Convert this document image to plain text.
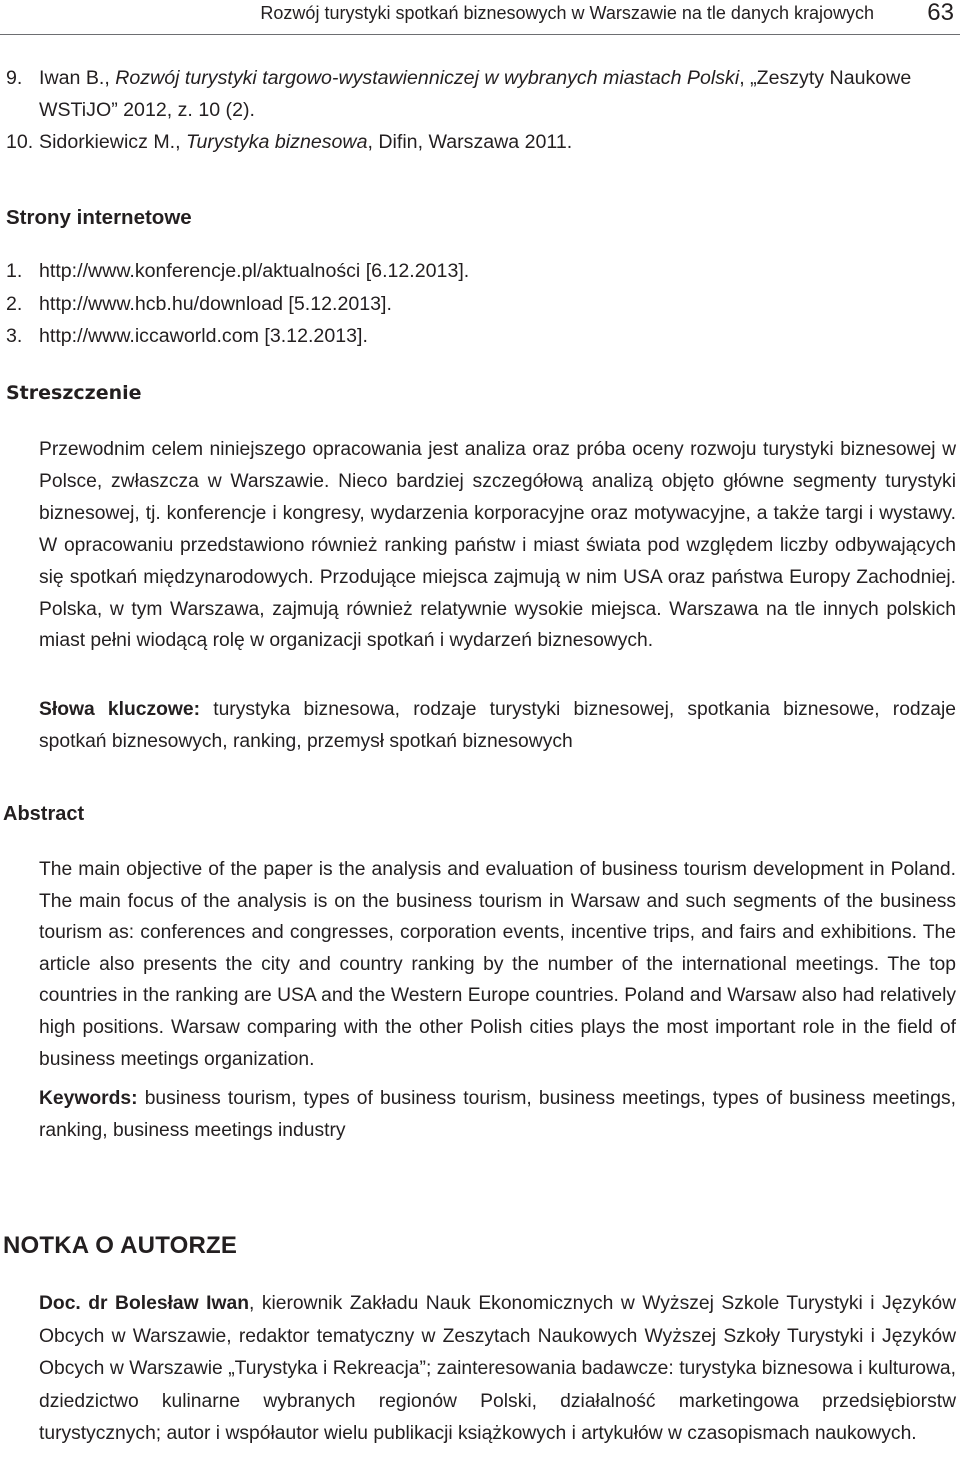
Rozwój turystyki spotkań biznesowych w Warszawie na tle danych krajowych 63
9. Iwan B., Rozwój turystyki targowo-wystawienniczej w wybranych miastach Polski, „Zeszyty Naukowe WSTiJO” 2012, z. 10 (2).
10. Sidorkiewicz M., Turystyka biznesowa, Difin, Warszawa 2011.
Strony internetowe
1. http://www.konferencje.pl/aktualności [6.12.2013].
2. http://www.hcb.hu/download [5.12.2013].
3. http://www.iccaworld.com [3.12.2013].
Streszczenie
Przewodnim celem niniejszego opracowania jest analiza oraz próba oceny rozwoju turystyki biznesowej w Polsce, zwłaszcza w Warszawie. Nieco bardziej szczegółową analizą objęto główne segmenty turystyki biznesowej, tj. konferencje i kongresy, wydarzenia korporacyjne oraz motywacyjne, a także targi i wystawy. W opracowaniu przedstawiono również ranking państw i miast świata pod względem liczby odbywających się spotkań międzynarodowych. Przodujące miejsca zajmują w nim USA oraz państwa Europy Zachodniej. Polska, w tym Warszawa, zajmują również relatywnie wysokie miejsca. Warszawa na tle innych polskich miast pełni wiodącą rolę w organizacji spotkań i wydarzeń biznesowych.
Słowa kluczowe: turystyka biznesowa, rodzaje turystyki biznesowej, spotkania biznesowe, rodzaje spotkań biznesowych, ranking, przemysł spotkań biznesowych
Abstract
The main objective of the paper is the analysis and evaluation of business tourism development in Poland. The main focus of the analysis is on the business tourism in Warsaw and such segments of the business tourism as: conferences and congresses, corporation events, incentive trips, and fairs and exhibitions. The article also presents the city and country ranking by the number of the international meetings. The top countries in the ranking are USA and the Western Europe countries. Poland and Warsaw also had relatively high positions. Warsaw comparing with the other Polish cities plays the most important role in the field of business meetings organization.
Keywords: business tourism, types of business tourism, business meetings, types of business meetings, ranking, business meetings industry
NOTKA O AUTORZE
Doc. dr Bolesław Iwan, kierownik Zakładu Nauk Ekonomicznych w Wyższej Szkole Turystyki i Języków Obcych w Warszawie, redaktor tematyczny w Zeszytach Naukowych Wyższej Szkoły Turystyki i Języków Obcych w Warszawie „Turystyka i Rekreacja”; zainteresowania badawcze: turystyka biznesowa i kulturowa, dziedzictwo kulinarne wybranych regionów Polski, działalność marketingowa przedsiębiorstw turystycznych; autor i współautor wielu publikacji książkowych i artykułów w czasopismach naukowych.
